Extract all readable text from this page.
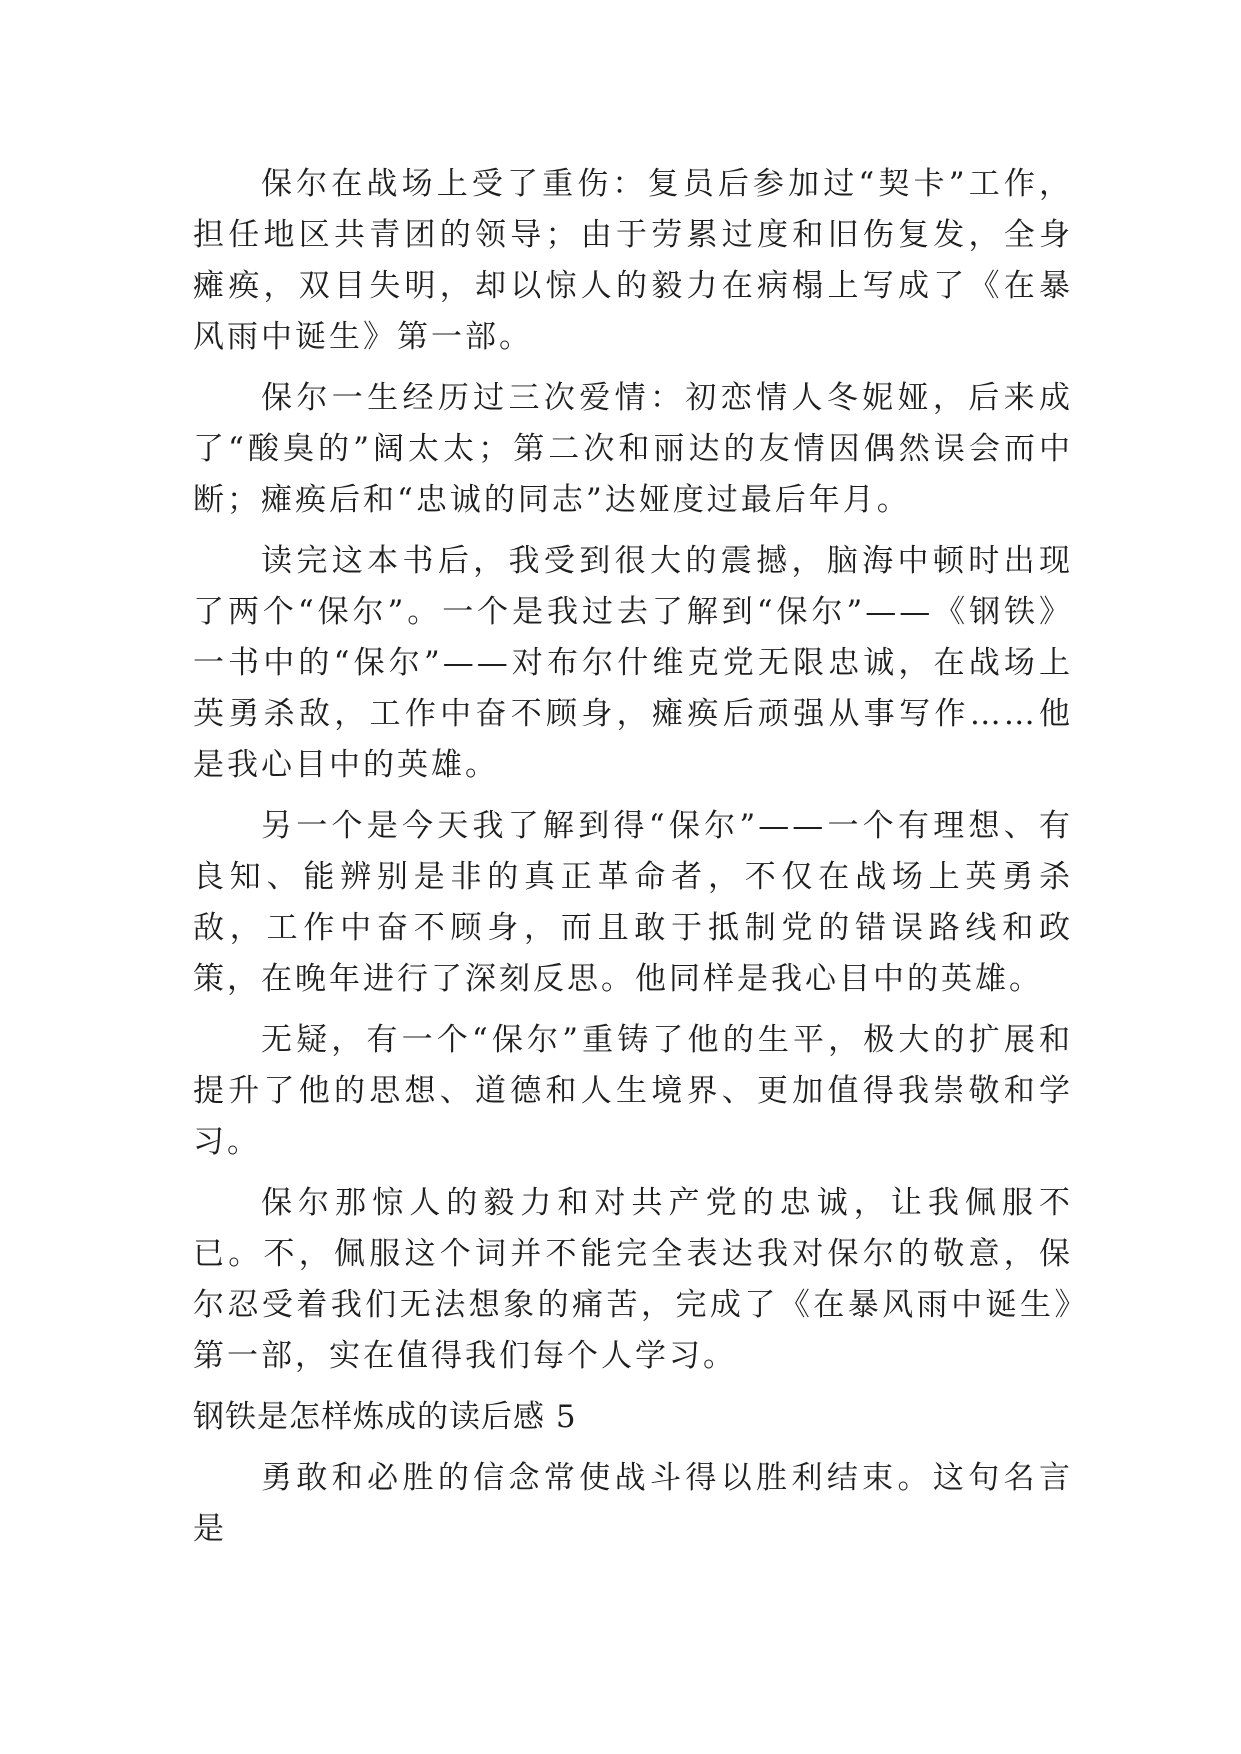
保尔在战场上受了重伤：复员后参加过“契卡”工作，担任地区共青团的领导；由于劳累过度和旧伤复发，全身瘫痪，双目失明，却以惊人的毅力在病榻上写成了《在暴风雨中诞生》第一部。

保尔一生经历过三次爱情：初恋情人冬妮娅，后来成了“酸臭的”阔太太；第二次和丽达的友情因偶然误会而中断；瘫痪后和“忠诚的同志”达娅度过最后年月。

读完这本书后，我受到很大的震撼，脑海中顿时出现了两个“保尔”。一个是我过去了解到“保尔”——《钢铁》一书中的“保尔”——对布尔什维克党无限忠诚，在战场上英勇杀敌，工作中奋不顾身，瘫痪后顽强从事写作……他是我心目中的英雄。

另一个是今天我了解到得“保尔”——一个有理想、有良知、能辨别是非的真正革命者，不仅在战场上英勇杀敌，工作中奋不顾身，而且敢于抵制党的错误路线和政策，在晚年进行了深刻反思。他同样是我心目中的英雄。

无疑，有一个“保尔”重铸了他的生平，极大的扩展和提升了他的思想、道德和人生境界、更加值得我崇敬和学习。

保尔那惊人的毅力和对共产党的忠诚，让我佩服不已。不，佩服这个词并不能完全表达我对保尔的敬意，保尔忍受着我们无法想象的痛苦，完成了《在暴风雨中诞生》第一部，实在值得我们每个人学习。

钢铁是怎样炼成的读后感 5

勇敢和必胜的信念常使战斗得以胜利结束。这句名言是
